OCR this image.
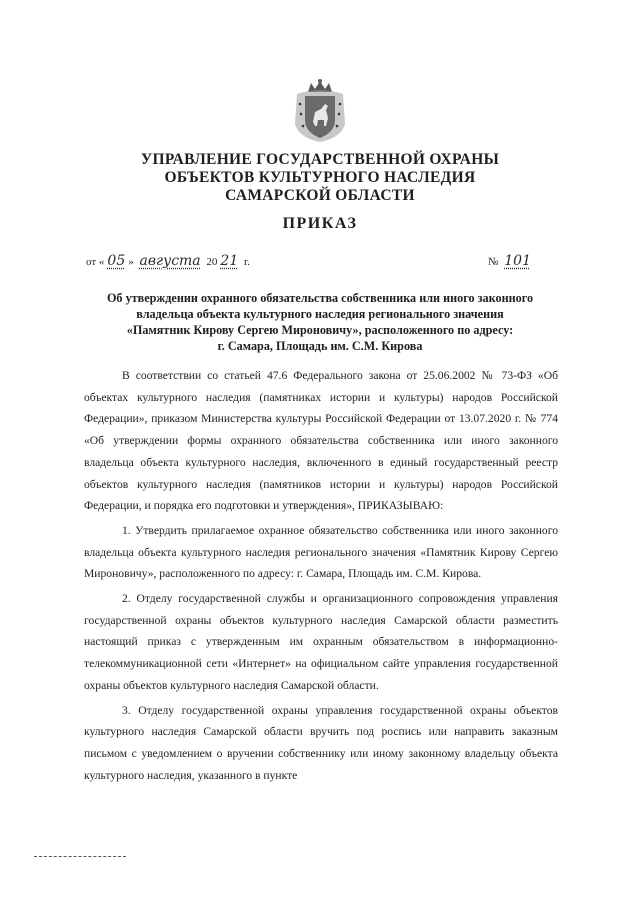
УПРАВЛЕНИЕ ГОСУДАРСТВЕННОЙ ОХРАНЫ
ОБЪЕКТОВ КУЛЬТУРНОГО НАСЛЕДИЯ
САМАРСКОЙ ОБЛАСТИ
ПРИКАЗ
от « 05 » августа 20 21 г.	№ 101
Об утверждении охранного обязательства собственника или иного законного
владельца объекта культурного наследия регионального значения
«Памятник Кирову Сергею Мироновичу», расположенного по адресу:
г. Самара, Площадь им. С.М. Кирова

В соответствии со статьей 47.6 Федерального закона от 25.06.2002 № 73-ФЗ «Об объектах культурного наследия (памятниках истории и культуры) народов Российской Федерации», приказом Министерства культуры Российской Федерации от 13.07.2020 г. № 774 «Об утверждении формы охранного обязательства собственника или иного законного владельца объекта культурного наследия, включенного в единый государственный реестр объектов культурного наследия (памятников истории и культуры) народов Российской Федерации, и порядка его подготовки и утверждения», ПРИКАЗЫВАЮ:

1. Утвердить прилагаемое охранное обязательство собственника или иного законного владельца объекта культурного наследия регионального значения «Памятник Кирову Сергею Мироновичу», расположенного по адресу: г. Самара, Площадь им. С.М. Кирова.

2. Отделу государственной службы и организационного сопровождения управления государственной охраны объектов культурного наследия Самарской области разместить настоящий приказ с утвержденным им охранным обязательством в информационно-телекоммуникационной сети «Интернет» на официальном сайте управления государственной охраны объектов культурного наследия Самарской области.

3. Отделу государственной охраны управления государственной охраны объектов культурного наследия Самарской области вручить под роспись или направить заказным письмом с уведомлением о вручении собственнику или иному законному владельцу объекта культурного наследия, указанного в пункте
